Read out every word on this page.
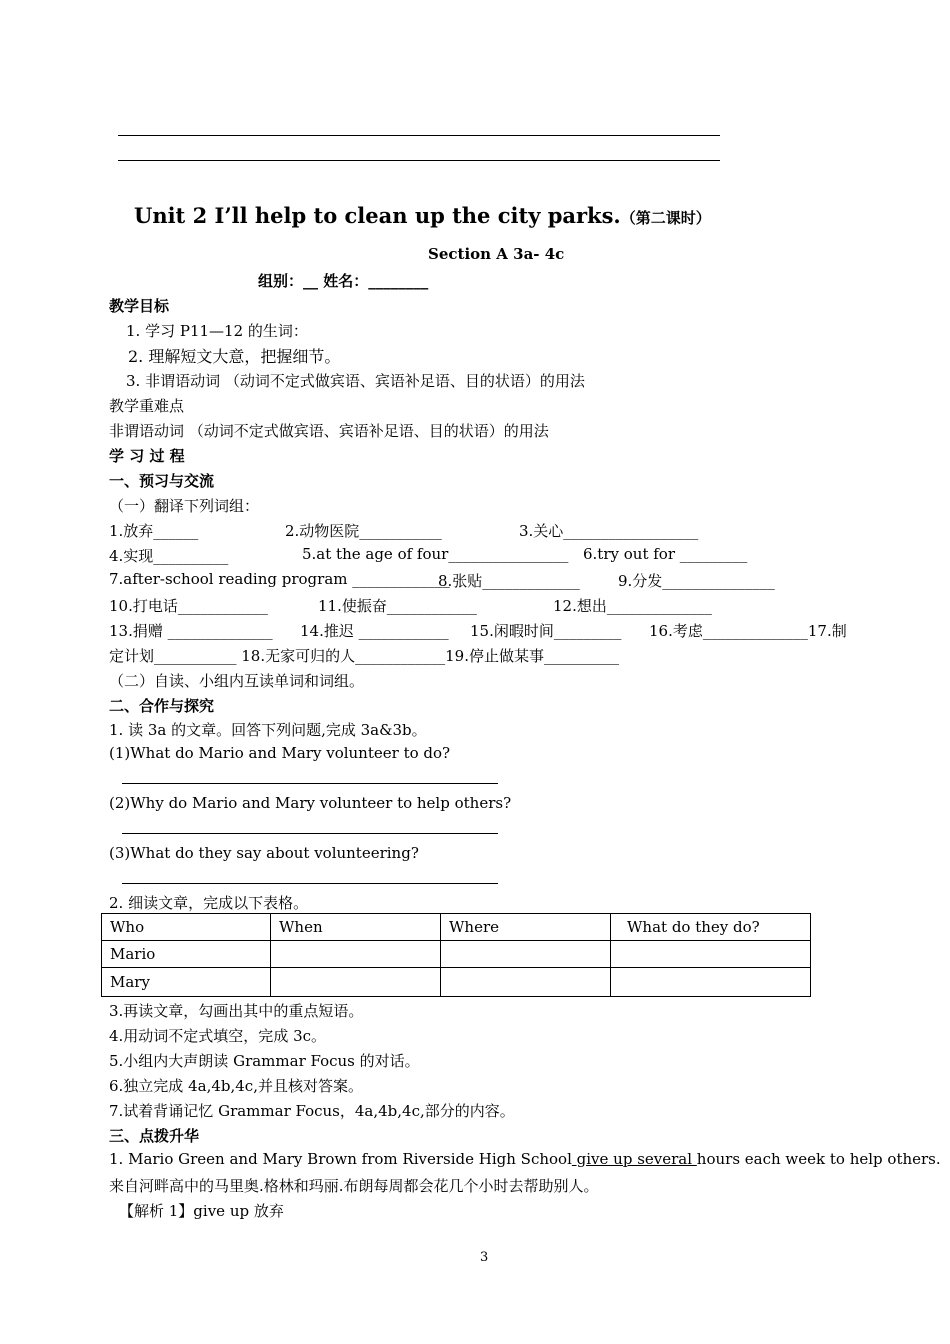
Unit 2 I’ll help to clean up the city parks.（第二课时）
Section A 3a- 4c
组别：__ 姓名：________
教学目标
1. 学习 P11—12 的生词：
2. 理解短文大意，把握细节。
3. 非谓语动词 （动词不定式做宾语、宾语补足语、目的状语）的用法
教学重难点
非谓语动词 （动词不定式做宾语、宾语补足语、目的状语）的用法
学 习 过 程
一、预习与交流
（一）翻译下列词组：
1.放弃______	2.动物医院___________	3.关心__________________
4.实现__________	5.at the age of four________________ 6.try out for _________
7.after-school reading program _____________
8.张贴_____________	9.分发_______________
10.打电话____________	11.使振奋____________	12.想出______________
13.捐赠 ______________ 14.推迟 ____________ 15.闲暇时间_________ 16.考虑______________17.制
定计划___________ 18.无家可归的人____________19.停止做某事__________
（二）自读、小组内互读单词和词组。
二、合作与探究
1. 读 3a 的文章。回答下列问题,完成 3a&3b。
(1)What do Mario and Mary volunteer to do?
(2)Why do Mario and Mary volunteer to help others?
(3)What do they say about volunteering?
2. 细读文章，完成以下表格。
Who	When	Where	What do they do?
Mario			
Mary			
3.再读文章，勾画出其中的重点短语。
4.用动词不定式填空，完成 3c。
5.小组内大声朗读 Grammar Focus 的对话。
6.独立完成 4a,4b,4c,并且核对答案。
7.试着背诵记忆 Grammar Focus，4a,4b,4c,部分的内容。
三、点拨升华
1. Mario Green and Mary Brown from Riverside High School give up several hours each week to help others.
来自河畔高中的马里奥.格林和玛丽.布朗每周都会花几个小时去帮助别人。
【解析 1】give up 放弃
3
